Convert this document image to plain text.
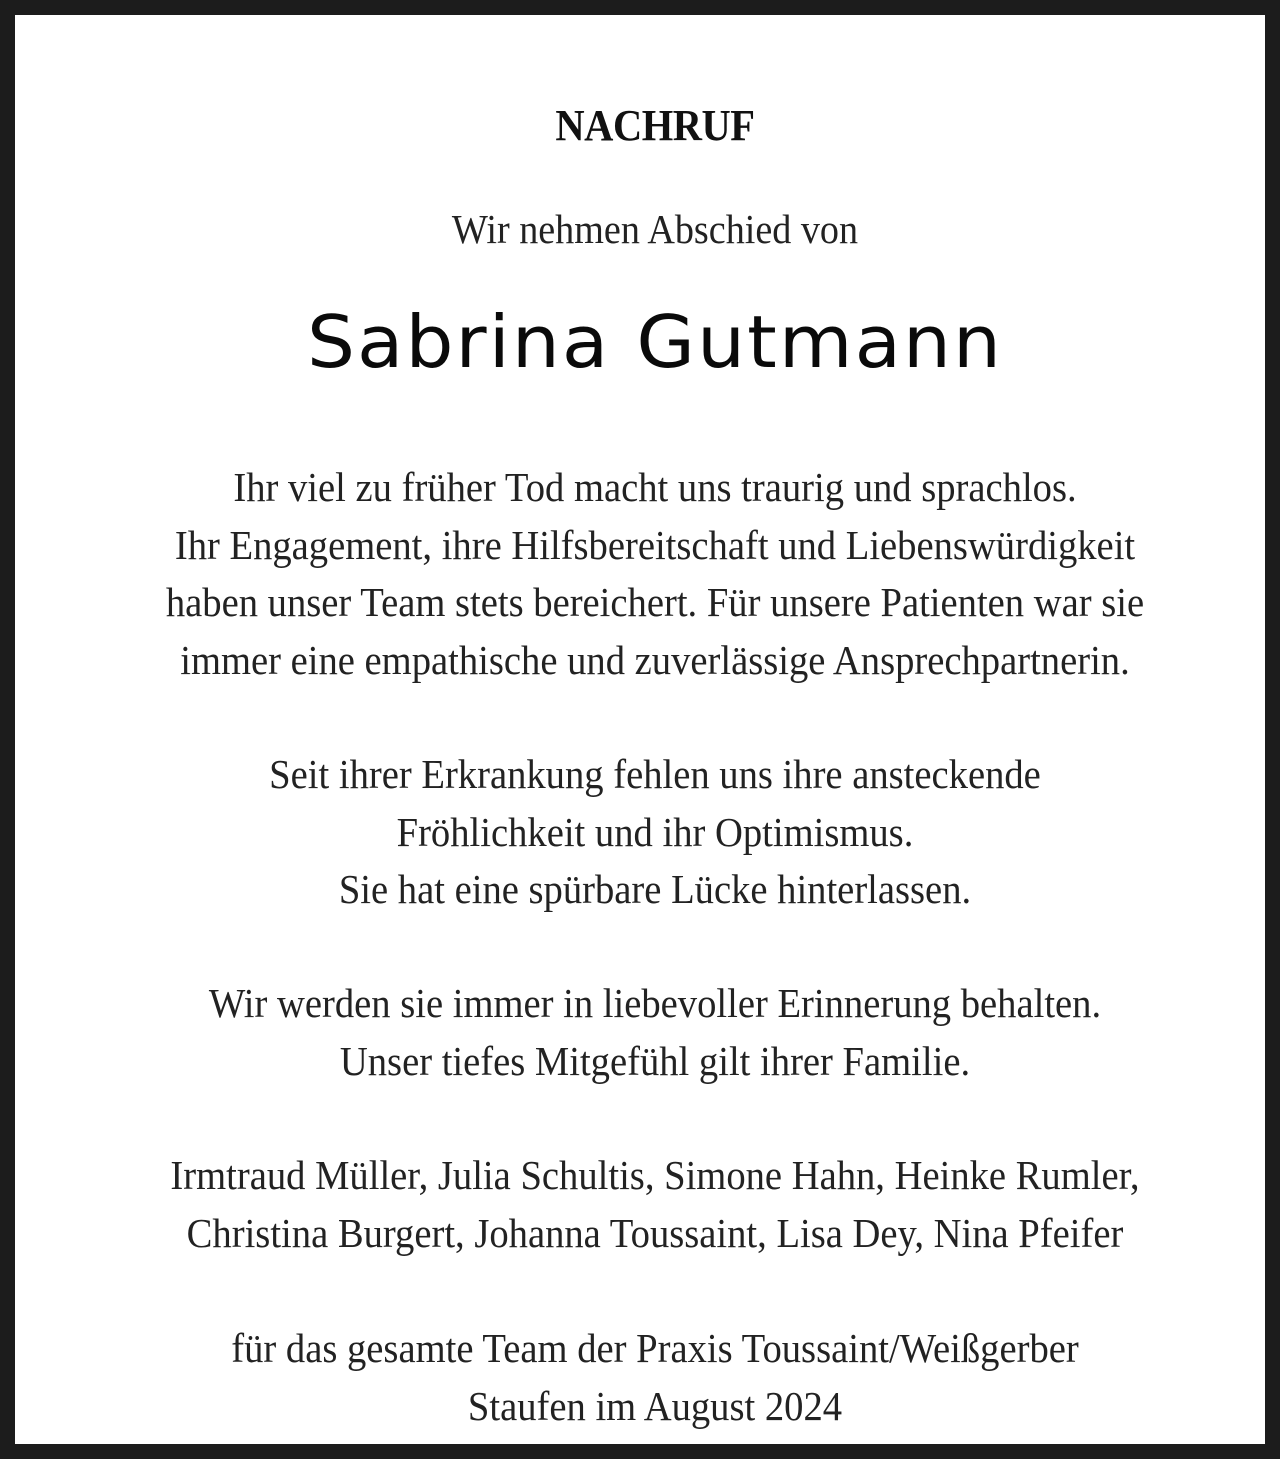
NACHRUF
Wir nehmen Abschied von
Sabrina Gutmann
Ihr viel zu früher Tod macht uns traurig und sprachlos.
Ihr Engagement, ihre Hilfsbereitschaft und Liebenswürdigkeit
haben unser Team stets bereichert. Für unsere Patienten war sie
immer eine empathische und zuverlässige Ansprechpartnerin.
Seit ihrer Erkrankung fehlen uns ihre ansteckende
Fröhlichkeit und ihr Optimismus.
Sie hat eine spürbare Lücke hinterlassen.
Wir werden sie immer in liebevoller Erinnerung behalten.
Unser tiefes Mitgefühl gilt ihrer Familie.
Irmtraud Müller, Julia Schultis, Simone Hahn, Heinke Rumler,
Christina Burgert, Johanna Toussaint, Lisa Dey, Nina Pfeifer
für das gesamte Team der Praxis Toussaint/Weißgerber
Staufen im August 2024
